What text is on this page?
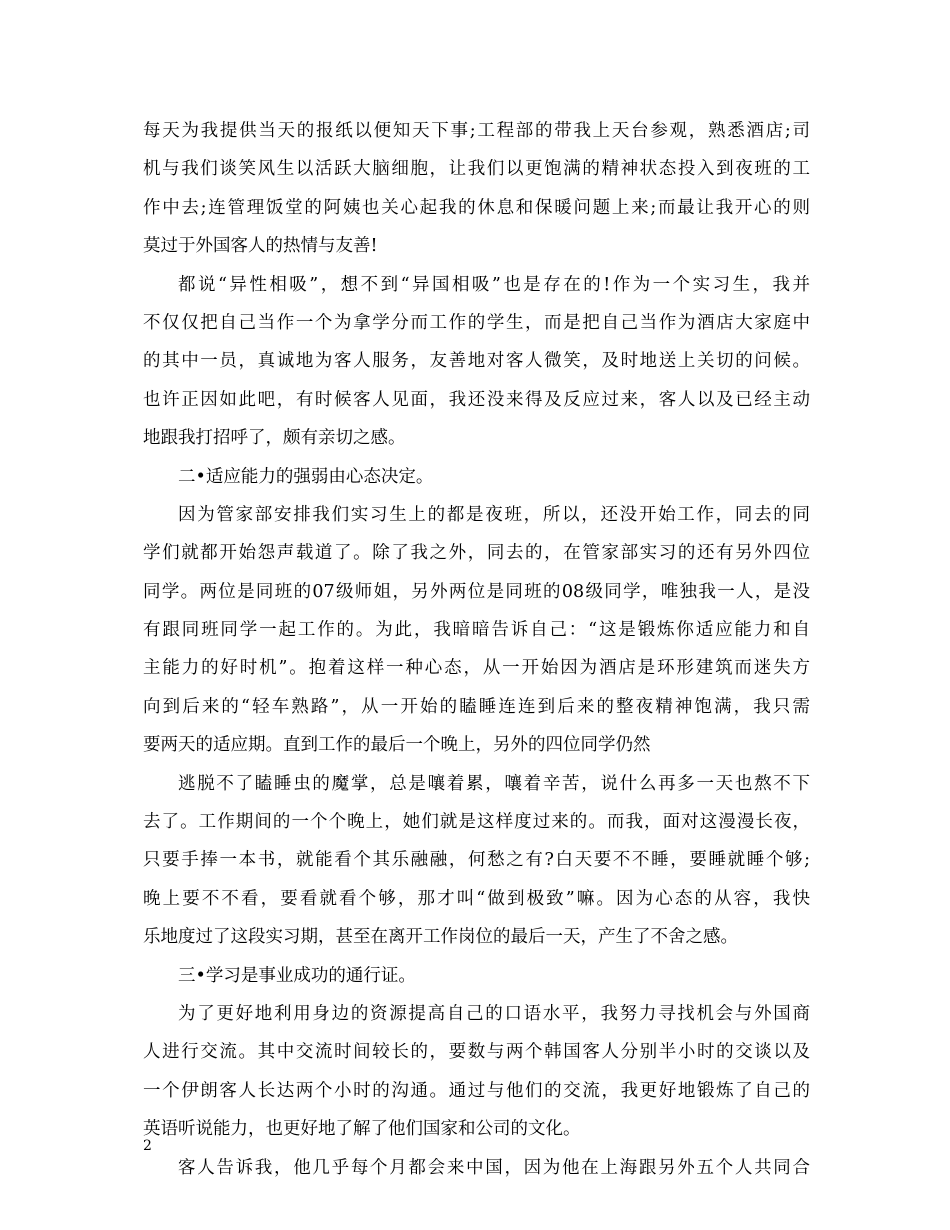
每天为我提供当天的报纸以便知天下事;工程部的带我上天台参观，熟悉酒店;司
机与我们谈笑风生以活跃大脑细胞，让我们以更饱满的精神状态投入到夜班的工
作中去;连管理饭堂的阿姨也关心起我的休息和保暖问题上来;而最让我开心的则
莫过于外国客人的热情与友善!
都说“异性相吸”，想不到“异国相吸”也是存在的!作为一个实习生，我并
不仅仅把自己当作一个为拿学分而工作的学生，而是把自己当作为酒店大家庭中
的其中一员，真诚地为客人服务，友善地对客人微笑，及时地送上关切的问候。
也许正因如此吧，有时候客人见面，我还没来得及反应过来，客人以及已经主动
地跟我打招呼了，颇有亲切之感。
二•适应能力的强弱由心态决定。
因为管家部安排我们实习生上的都是夜班，所以，还没开始工作，同去的同
学们就都开始怨声载道了。除了我之外，同去的，在管家部实习的还有另外四位
同学。两位是同班的07级师姐，另外两位是同班的08级同学，唯独我一人，是没
有跟同班同学一起工作的。为此，我暗暗告诉自己：“这是锻炼你适应能力和自
主能力的好时机”。抱着这样一种心态，从一开始因为酒店是环形建筑而迷失方
向到后来的“轻车熟路”，从一开始的瞌睡连连到后来的整夜精神饱满，我只需
要两天的适应期。直到工作的最后一个晚上，另外的四位同学仍然
逃脱不了瞌睡虫的魔掌，总是嚷着累，嚷着辛苦，说什么再多一天也熬不下
去了。工作期间的一个个晚上，她们就是这样度过来的。而我，面对这漫漫长夜，
只要手捧一本书，就能看个其乐融融，何愁之有?白天要不不睡，要睡就睡个够;
晚上要不不看，要看就看个够，那才叫“做到极致”嘛。因为心态的从容，我快
乐地度过了这段实习期，甚至在离开工作岗位的最后一天，产生了不舍之感。
三•学习是事业成功的通行证。
为了更好地利用身边的资源提高自己的口语水平，我努力寻找机会与外国商
人进行交流。其中交流时间较长的，要数与两个韩国客人分别半小时的交谈以及
一个伊朗客人长达两个小时的沟通。通过与他们的交流，我更好地锻炼了自己的
英语听说能力，也更好地了解了他们国家和公司的文化。
客人告诉我，他几乎每个月都会来中国，因为他在上海跟另外五个人共同合
2
